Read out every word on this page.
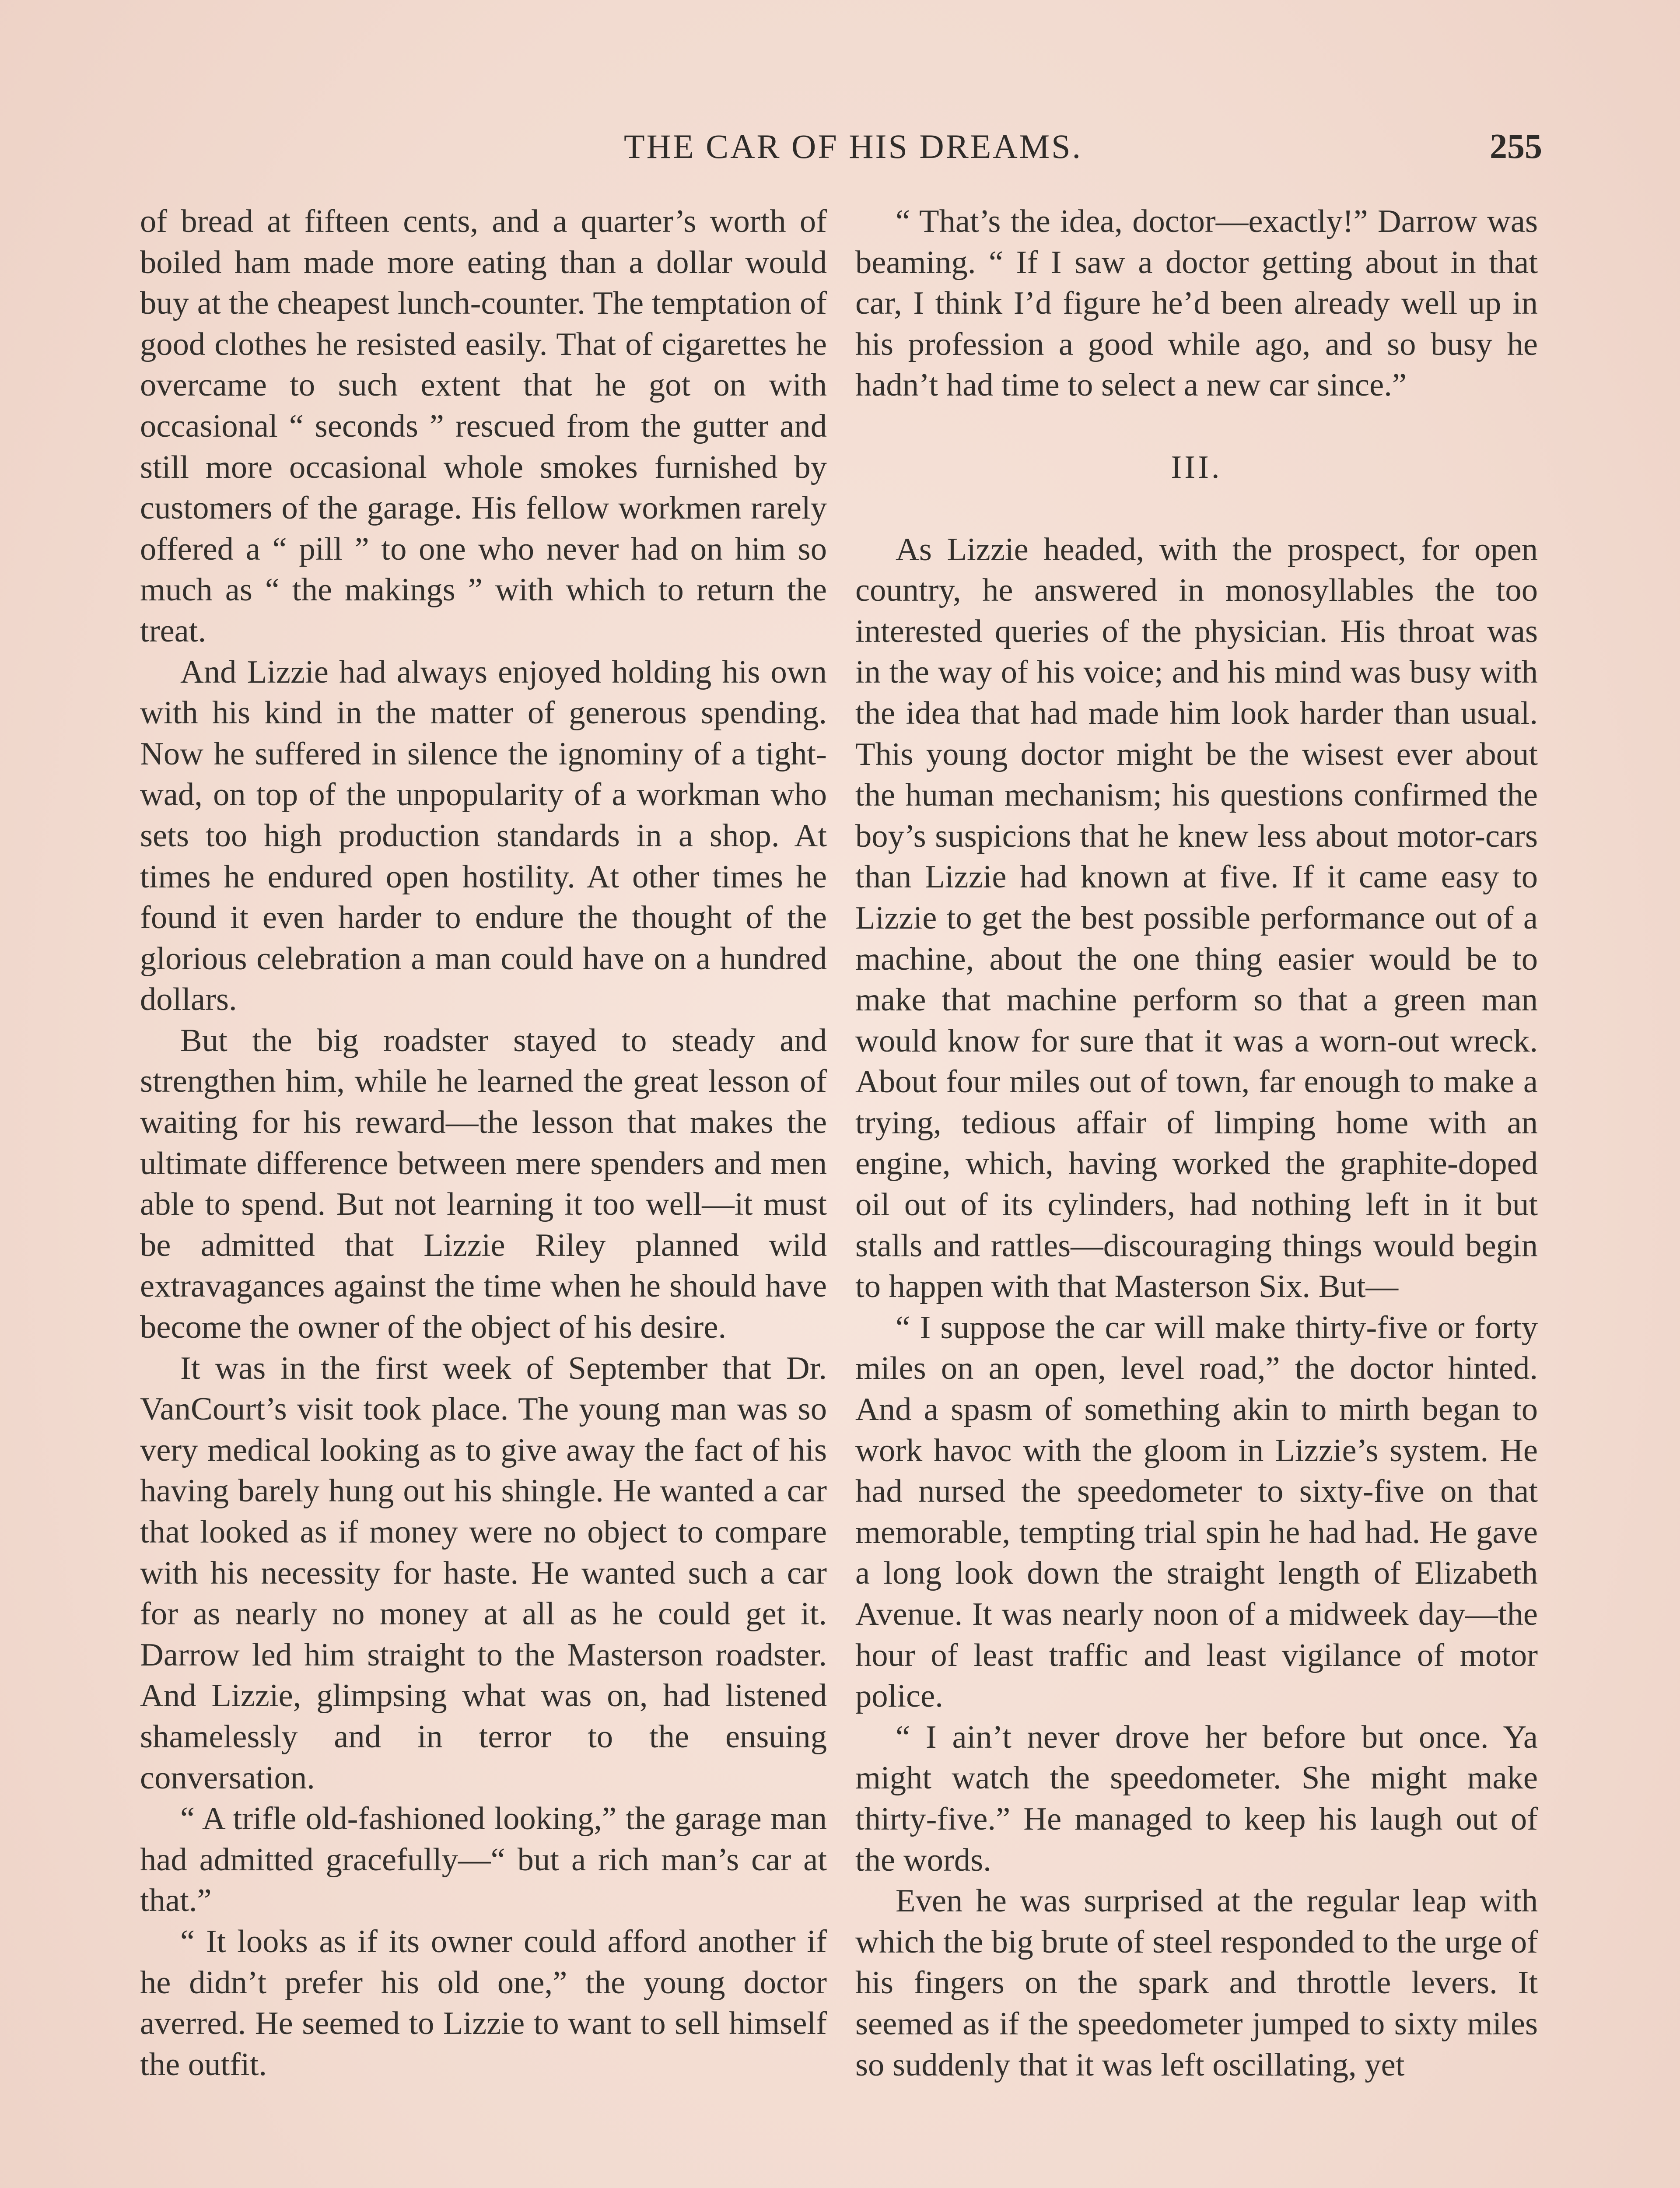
THE CAR OF HIS DREAMS.	255

of bread at fifteen cents, and a quarter’s worth of boiled ham made more eating than a dollar would buy at the cheapest lunch-counter. The temptation of good clothes he resisted easily. That of cigarettes he overcame to such extent that he got on with occasional “ seconds ” rescued from the gutter and still more occasional whole smokes furnished by customers of the garage. His fellow workmen rarely offered a “ pill ” to one who never had on him so much as “ the makings ” with which to return the treat.

And Lizzie had always enjoyed holding his own with his kind in the matter of generous spending. Now he suffered in silence the ignominy of a tight-wad, on top of the unpopularity of a workman who sets too high production standards in a shop. At times he endured open hostility. At other times he found it even harder to endure the thought of the glorious celebration a man could have on a hundred dollars.

But the big roadster stayed to steady and strengthen him, while he learned the great lesson of waiting for his reward—the lesson that makes the ultimate difference between mere spenders and men able to spend. But not learning it too well—it must be admitted that Lizzie Riley planned wild extravagances against the time when he should have become the owner of the object of his desire.

It was in the first week of September that Dr. VanCourt’s visit took place. The young man was so very medical looking as to give away the fact of his having barely hung out his shingle. He wanted a car that looked as if money were no object to compare with his necessity for haste. He wanted such a car for as nearly no money at all as he could get it. Darrow led him straight to the Masterson roadster. And Lizzie, glimpsing what was on, had listened shamelessly and in terror to the ensuing conversation.

“ A trifle old-fashioned looking,” the garage man had admitted gracefully—“ but a rich man’s car at that.”

“ It looks as if its owner could afford another if he didn’t prefer his old one,” the young doctor averred. He seemed to Lizzie to want to sell himself the outfit.

“ That’s the idea, doctor—exactly!” Darrow was beaming. “ If I saw a doctor getting about in that car, I think I’d figure he’d been already well up in his profession a good while ago, and so busy he hadn’t had time to select a new car since.”

III.

As Lizzie headed, with the prospect, for open country, he answered in monosyllables the too interested queries of the physician. His throat was in the way of his voice; and his mind was busy with the idea that had made him look harder than usual. This young doctor might be the wisest ever about the human mechanism; his questions confirmed the boy’s suspicions that he knew less about motor-cars than Lizzie had known at five. If it came easy to Lizzie to get the best possible performance out of a machine, about the one thing easier would be to make that machine perform so that a green man would know for sure that it was a worn-out wreck. About four miles out of town, far enough to make a trying, tedious affair of limping home with an engine, which, having worked the graphite-doped oil out of its cylinders, had nothing left in it but stalls and rattles—discouraging things would begin to happen with that Masterson Six. But—

“ I suppose the car will make thirty-five or forty miles on an open, level road,” the doctor hinted. And a spasm of something akin to mirth began to work havoc with the gloom in Lizzie’s system. He had nursed the speedometer to sixty-five on that memorable, tempting trial spin he had had. He gave a long look down the straight length of Elizabeth Avenue. It was nearly noon of a midweek day—the hour of least traffic and least vigilance of motor police.

“ I ain’t never drove her before but once. Ya might watch the speedometer. She might make thirty-five.” He managed to keep his laugh out of the words.

Even he was surprised at the regular leap with which the big brute of steel responded to the urge of his fingers on the spark and throttle levers. It seemed as if the speedometer jumped to sixty miles so suddenly that it was left oscillating, yet
